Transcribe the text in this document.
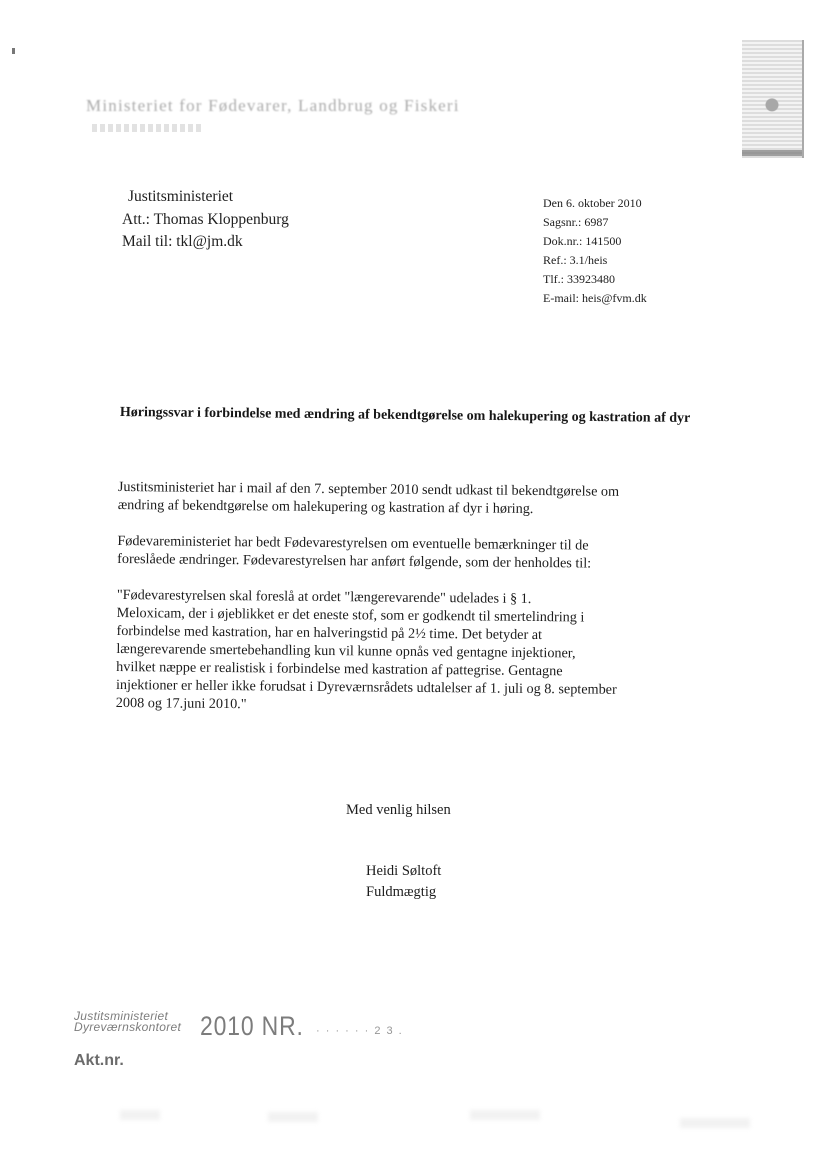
Ministeriet for Fødevarer, Landbrug og Fiskeri
Justitsministeriet
Att.: Thomas Kloppenburg
Mail til: tkl@jm.dk
Den 6. oktober 2010
Sagsnr.: 6987
Dok.nr.: 141500
Ref.: 3.1/heis
Tlf.: 33923480
E-mail: heis@fvm.dk
Høringssvar i forbindelse med ændring af bekendtgørelse om halekupering og kastration af dyr

Justitsministeriet har i mail af den 7. september 2010 sendt udkast til bekendtgørelse om
ændring af bekendtgørelse om halekupering og kastration af dyr i høring.

Fødevareministeriet har bedt Fødevarestyrelsen om eventuelle bemærkninger til de
foreslåede ændringer. Fødevarestyrelsen har anført følgende, som der henholdes til:

"Fødevarestyrelsen skal foreslå at ordet "længerevarende" udelades i § 1.
Meloxicam, der i øjeblikket er det eneste stof, som er godkendt til smertelindring i
forbindelse med kastration, har en halveringstid på 2½ time. Det betyder at
længerevarende smertebehandling kun vil kunne opnås ved gentagne injektioner,
hvilket næppe er realistisk i forbindelse med kastration af pattegrise. Gentagne
injektioner er heller ikke forudsat i Dyreværnsrådets udtalelser af 1. juli og 8. september
2008 og 17.juni 2010."

Med venlig hilsen
Heidi Søltoft
Fuldmægtig
Justitsministeriet
Dyreværnskontoret 2010 NR. · · · · · · 2 3 .
Akt.nr.
